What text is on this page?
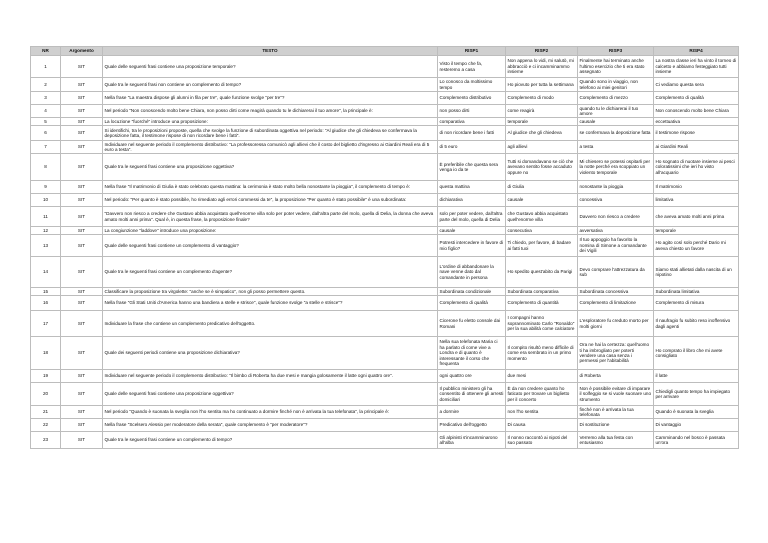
NR	Argomento	TESTO	RISP1	RISP2	RISP3	RISP4
1	SIT	Quale delle seguenti frasi contiene una proposizione temporale?	Visto il tempo che fa, resteremo a casa	Non appena lo vidi, mi salutò, mi abbracciò e ci incamminammo insieme	Finalmente hai terminato anche l'ultimo esercizio che ti era stato assegnato	La nostra classe ieri ha vinto il torneo di calcetto e abbiamo festeggiato tutti insieme
2	SIT	Quale tra le seguenti frasi non contiene un complemento di tempo?	Lo conosco da moltissimo tempo	Ho piovuto per tutta la settimana	Quando sono in viaggio, non telefono ai miei genitori	Ci vediamo questa sera
3	SIT	Nella frase "La maestra dispose gli alunni in fila per tre", quale funzione svolge "per tre"?	Complemento distributivo	Complemento di modo	Complemento di mezzo	Complemento di qualità
4	SIT	Nel periodo "Non conoscendo molto bene Chiara, non posso dirti come reagirà quando tu le dichiarerai il tuo amore", la principale è:	non posso dirti	come reagirà	quando tu le dichiarerai il tuo amore	Non conoscendo molto bene Chiara
5	SIT	La locuzione "fuorché" introduce una proposizione:	comparativa	temporale	causale	eccettuativa
6	SIT	Si identifichi, tra le proposizioni proposte, quella che svolge la funzione di subordinata oggettiva nel periodo: "Al giudice che gli chiedeva se confermava la deposizione fatta, il testimone rispose di non ricordare bene i fatti".	di non ricordare bene i fatti	Al giudice che gli chiedeva	se confermava la deposizione fatta	il testimone rispose
7	SIT	Individuare nel seguente periodo il complemento distributivo: "La professoressa comunicò agli allievi che il costo del biglietto d'ingresso ai Giardini Reali era di 5 euro a testa".	di 5 euro	agli allievi	a testa	ai Giardini Reali
8	SIT	Quale tra le seguenti frasi contiene una proposizione oggettiva?	È preferibile che questa sera venga io da te	Tutti si domandavano se ciò che avevano sentito fosse accaduto oppure no	Mi chiesero se potessi ospitarli per la notte perché era scoppiato un violento temporale	Ho sognato di nuotare insieme ai pesci coloratissimi che ieri ho visto all'acquario
9	SIT	Nella frase "Il matrimonio di Giulia è stato celebrato questa mattina: la cerimonia è stato molto bella nonostante la pioggia", il complemento di tempo è:	questa mattina	di Giulia	nonostante la pioggia	Il matrimonio
10	SIT	Nel periodo: "Per quanto è stato possibile, ho rimediato agli errori commessi da te", la proposizione "Per quanto è stato possibile" è una subordinata:	dichiarativa	causale	concessiva	limitativa
11	SIT	"Davvero non riesco a credere che Gustavo abbia acquistato quell'enorme villa solo per poter vedere, dall'altra parte del molo, quella di Delia, la donna che aveva amato molti anni prima". Qual è, in questa frase, la proposizione finale?	solo per poter vedere, dall'altra parte del molo, quella di Delia	che Gustavo abbia acquistato quell'enorme villa	Davvero non riesco a credere	che aveva amato molti anni prima
12	SIT	La congiunzione "laddove" introduce una proposizione:	causale	consecutiva	avversativa	temporale
13	SIT	Quale delle seguenti frasi contiene un complemento di vantaggio?	Potresti intercedere in favore di mio figlio?	Ti chiedo, per favore, di badare ai fatti tuoi	Il tuo appoggio ha favorito la nomina di Simone a comandante dei Vigili	Ho agito così solo perché Dario mi aveva chiesto un favore
14	SIT	Quale tra le seguenti frasi contiene un complemento d'agente?	L'ordine di abbandonare la nave venne dato dal comandante in persona	Ho spedito quest'abito da Parigi	Devo comprare l'attrezzatura da sub	Siamo stati allietati dalla nascita di un nipotino
15	SIT	Classificare la proposizione tra virgolette: "anche se è simpatico", non gli posso permettere questo.	Subordinata condizionale	Subordinata comparativa	Subordinata concessiva	Subordinata limitativa
16	SIT	Nella frase "Gli Stati Uniti d'America hanno una bandiera a stelle e strisce", quale funzione svolge "a stelle e strisce"?	Complemento di qualità	Complemento di quantità	Complemento di limitazione	Complemento di misura
17	SIT	Individuare la frase che contiene un complemento predicativo dell'oggetto.	Cicerone fu eletto console dai Romani	I compagni hanno soprannominato Carlo "Ronaldo" per la sua abilità come calciatore	L'esploratore fu creduto morto per molti giorni	Il naufragio fu subito reso inoffensivo dagli agenti
18	SIT	Quale dei seguenti periodi contiene una proposizione dichiarativa?	Nella sua telefonata Maria ci ha parlato di come vive a Londra e di quanto è interessante il corso che frequenta	Il compito risultò meno difficile di come era sembrato in un primo momento	Ora ne hai la certezza: quell'uomo ti ha imbrogliato per poterti vendere una casa senza i permessi per l'abitabilità	Ho comprato il libro che mi avete consigliato
19	SIT	Individuare nel seguente periodo il complemento distributivo: "Il bimbo di Roberta ha due mesi e mangia golosamente il latte ogni quattro ore".	ogni quattro ore	due mesi	di Roberta	il latte
20	SIT	Quale delle seguenti frasi contiene una proposizione oggettiva?	Il pubblico ministero gli ha consentito di ottenere gli arresti domiciliari	È da non credere quanto ho faticato per trovare un biglietto per il concerto	Non è possibile evitare di imparare il solfeggio se si vuole suonare uno strumento	Chiedigli quanto tempo ha impiegato per arrivare
21	SIT	Nel periodo "Quando è suonata la sveglia non l'ho sentita ma ho continuato a dormire finché non è arrivata la tua telefonata", la principale è:	a dormire	non l'ho sentita	finché non è arrivata la tua telefonata	Quando è suonata la sveglia
22	SIT	Nella frase "Scelsero Alessio per moderatore della serata", quale complemento è "per moderatore"?	Predicativo dell'oggetto	Di causa	Di sostituzione	Di vantaggio
23	SIT	Quale tra le seguenti frasi contiene un complemento di tempo?	Gli alpinisti s'incamminarono all'alba	Il nonno raccontò ai nipoti del suo passato	Verremo alla tua festa con entusiasmo	Camminando nel bosco è passata un'ora
